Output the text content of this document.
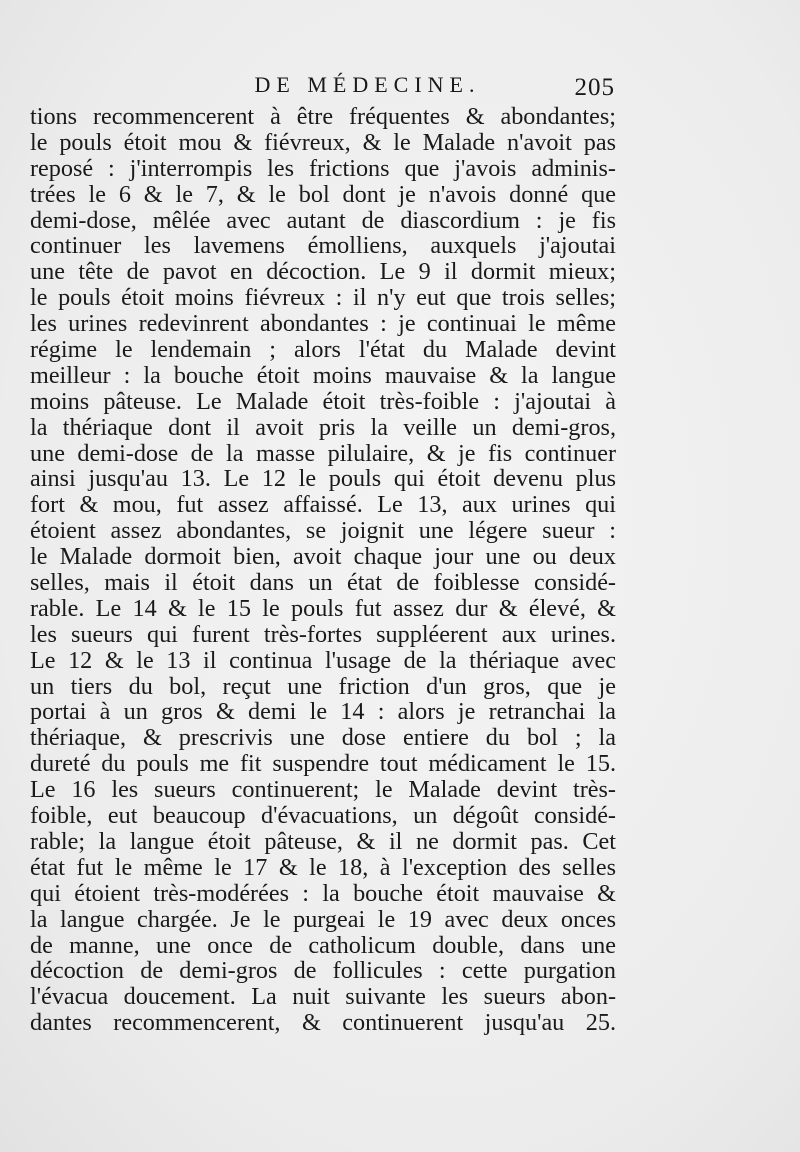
DE MÉDECINE.	205
tions recommencerent à être fréquentes & abondantes;
le pouls étoit mou & fiévreux, & le Malade n'avoit pas
reposé : j'interrompis les frictions que j'avois adminis-
trées le 6 & le 7, & le bol dont je n'avois donné que
demi-dose, mêlée avec autant de diascordium : je fis
continuer les lavemens émolliens, auxquels j'ajoutai
une tête de pavot en décoction. Le 9 il dormit mieux;
le pouls étoit moins fiévreux : il n'y eut que trois selles;
les urines redevinrent abondantes : je continuai le même
régime le lendemain ; alors l'état du Malade devint
meilleur : la bouche étoit moins mauvaise & la langue
moins pâteuse. Le Malade étoit très-foible : j'ajoutai à
la thériaque dont il avoit pris la veille un demi-gros,
une demi-dose de la masse pilulaire, & je fis continuer
ainsi jusqu'au 13. Le 12 le pouls qui étoit devenu plus
fort & mou, fut assez affaissé. Le 13, aux urines qui
étoient assez abondantes, se joignit une légere sueur :
le Malade dormoit bien, avoit chaque jour une ou deux
selles, mais il étoit dans un état de foiblesse considé-
rable. Le 14 & le 15 le pouls fut assez dur & élevé, &
les sueurs qui furent très-fortes suppléerent aux urines.
Le 12 & le 13 il continua l'usage de la thériaque avec
un tiers du bol, reçut une friction d'un gros, que je
portai à un gros & demi le 14 : alors je retranchai la
thériaque, & prescrivis une dose entiere du bol ; la
dureté du pouls me fit suspendre tout médicament le 15.
Le 16 les sueurs continuerent; le Malade devint très-
foible, eut beaucoup d'évacuations, un dégoût considé-
rable; la langue étoit pâteuse, & il ne dormit pas. Cet
état fut le même le 17 & le 18, à l'exception des selles
qui étoient très-modérées : la bouche étoit mauvaise &
la langue chargée. Je le purgeai le 19 avec deux onces
de manne, une once de catholicum double, dans une
décoction de demi-gros de follicules : cette purgation
l'évacua doucement. La nuit suivante les sueurs abon-
dantes recommencerent, & continuerent jusqu'au 25.
